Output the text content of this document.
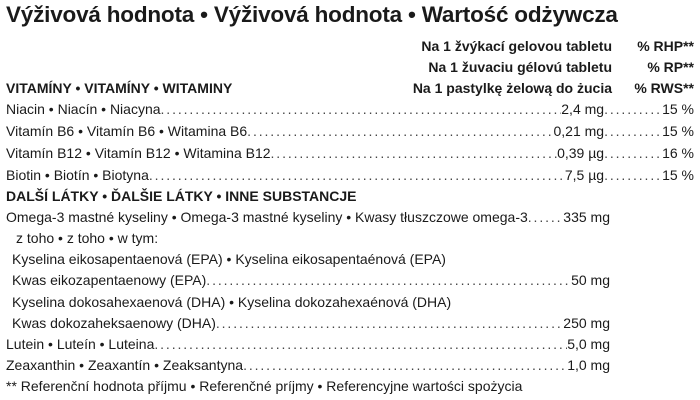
Výživová hodnota • Výživová hodnota • Wartość odżywcza
Na 1 žvýkací gelovou tabletu	% RHP**
Na 1 žuvaciu gélovú tabletu	% RP**
Na 1 pastylkę żelową do żucia	% RWS**
VITAMÍNY • VITAMÍNY • WITAMINY
Niacin • Niacín • Niacyna . . .	2,4 mg . . .	15 %
Vitamín B6 • Vitamín B6 • Witamina B6 . . .	0,21 mg . . .	15 %
Vitamín B12 • Vitamín B12 • Witamina B12 . . .	0,39 µg . . .	16 %
Biotin • Biotín • Biotyna . . .	7,5 µg . . .	15 %
DALŠÍ LÁTKY • ĎALŠIE LÁTKY • INNE SUBSTANCJE
Omega-3 mastné kyseliny • Omega-3 mastné kyseliny • Kwasy tłuszczowe omega-3 . . .	335 mg
z toho • z toho • w tym:
Kyselina eikosapentaenová (EPA) • Kyselina eikosapentaénová (EPA)
Kwas eikozapentaenowy (EPA) . . .	50 mg
Kyselina dokosahexaenová (DHA) • Kyselina dokozahexaénová (DHA)
Kwas dokozaheksaenowy (DHA) . . .	250 mg
Lutein • Luteín • Luteina . . .	5,0 mg
Zeaxanthin • Zeaxantín • Zeaksantyna . . .	1,0 mg
** Referenční hodnota příjmu • Referenčné príjmy • Referencyjne wartości spożycia
